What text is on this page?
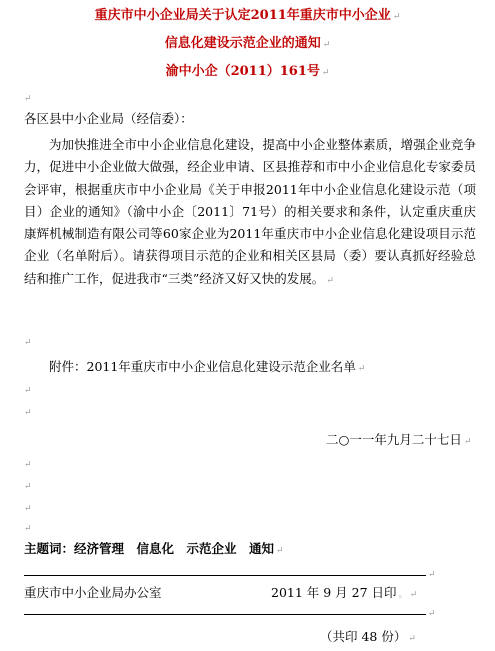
重庆市中小企业局关于认定2011年重庆市中小企业 ↵
信息化建设示范企业的通知 ↵
渝中小企（2011）161号 ↵
↵
各区县中小企业局（经信委）：

为加快推进全市中小企业信息化建设，提高中小企业整体素质，增强企业竞争力，促进中小企业做大做强，经企业申请、区县推荐和市中小企业信息化专家委员会评审，根据重庆市中小企业局《关于申报2011年中小企业信息化建设示范（项目）企业的通知》（渝中小企〔2011〕71号）的相关要求和条件，认定重庆重庆康辉机械制造有限公司等60家企业为2011年重庆市中小企业信息化建设项目示范企业（名单附后）。请获得项目示范的企业和相关区县局（委）要认真抓好经验总结和推广工作，促进我市“三类”经济又好又快的发展。 ↵

↵
附件：2011年重庆市中小企业信息化建设示范企业名单 ↵
↵
↵
二○一一年九月二十七日 ↵
↵
↵
↵
↵
主题词：经济管理　信息化　示范企业　通知 ↵
↵
重庆市中小企业局办公室	2011 年 9 月 27 日印 。 ↵
↵
（共印 48 份） ↵
